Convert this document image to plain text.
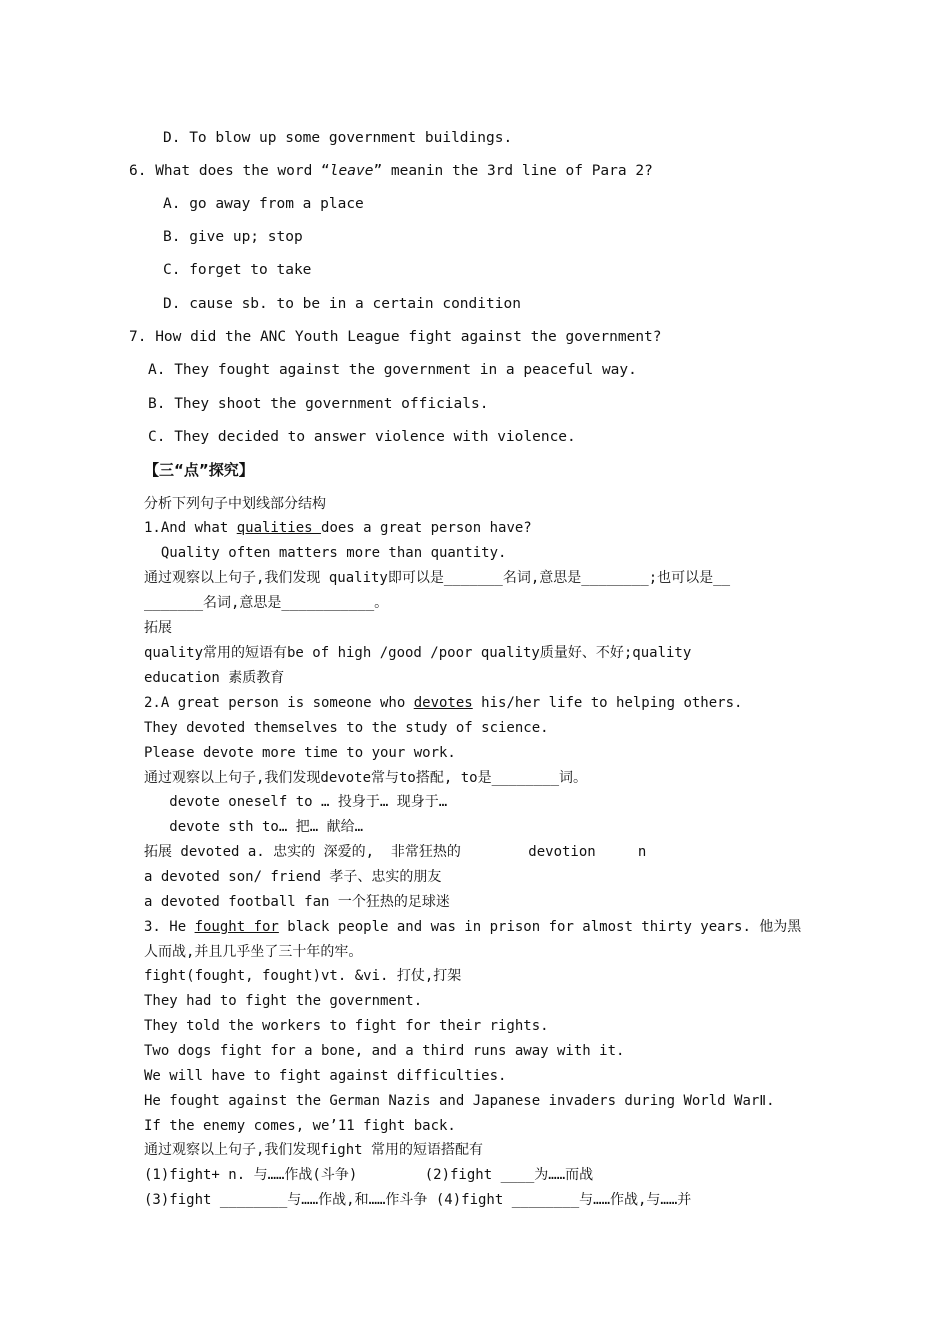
D. To blow up some government buildings.
6. What does the word “leave” meanin the 3rd line of Para 2?
A. go away from a place
B. give up; stop
C. forget to take
D. cause sb. to be in a certain condition
7. How did the ANC Youth League fight against the government?
A. They fought against the government in a peaceful way.
B. They shoot the government officials.
C. They decided to answer violence with violence.
【三“点”探究】
分析下列句子中划线部分结构
1.And what qualities does a great person have?
Quality often matters more than quantity.
通过观察以上句子,我们发现 quality即可以是_______名词,意思是________;也可以是__
_______名词,意思是___________。
拓展
quality常用的短语有be of high /good /poor quality质量好、不好;quality
education 素质教育
2.A great person is someone who devotes his/her life to helping others.
They devoted themselves to the study of science.
Please devote more time to your work.
通过观察以上句子,我们发现devote常与to搭配, to是________词。
devote oneself to … 投身于… 现身于…
devote sth to… 把… 献给…
拓展 devoted a. 忠实的 深爱的,  非常狂热的        devotion     n
a devoted son/ friend 孝子、忠实的朋友
a devoted football fan 一个狂热的足球迷
3. He fought for black people and was in prison for almost thirty years. 他为黑
人而战,并且几乎坐了三十年的牢。
fight(fought, fought)vt. &vi. 打仗,打架
They had to fight the government.
They told the workers to fight for their rights.
Two dogs fight for a bone, and a third runs away with it.
We will have to fight against difficulties.
He fought against the German Nazis and Japanese invaders during World WarⅡ.
If the enemy comes, we’11 fight back.
通过观察以上句子,我们发现fight 常用的短语搭配有
(1)fight+ n. 与……作战(斗争)        (2)fight ____为……而战
(3)fight ________与……作战,和……作斗争 (4)fight ________与……作战,与……并
